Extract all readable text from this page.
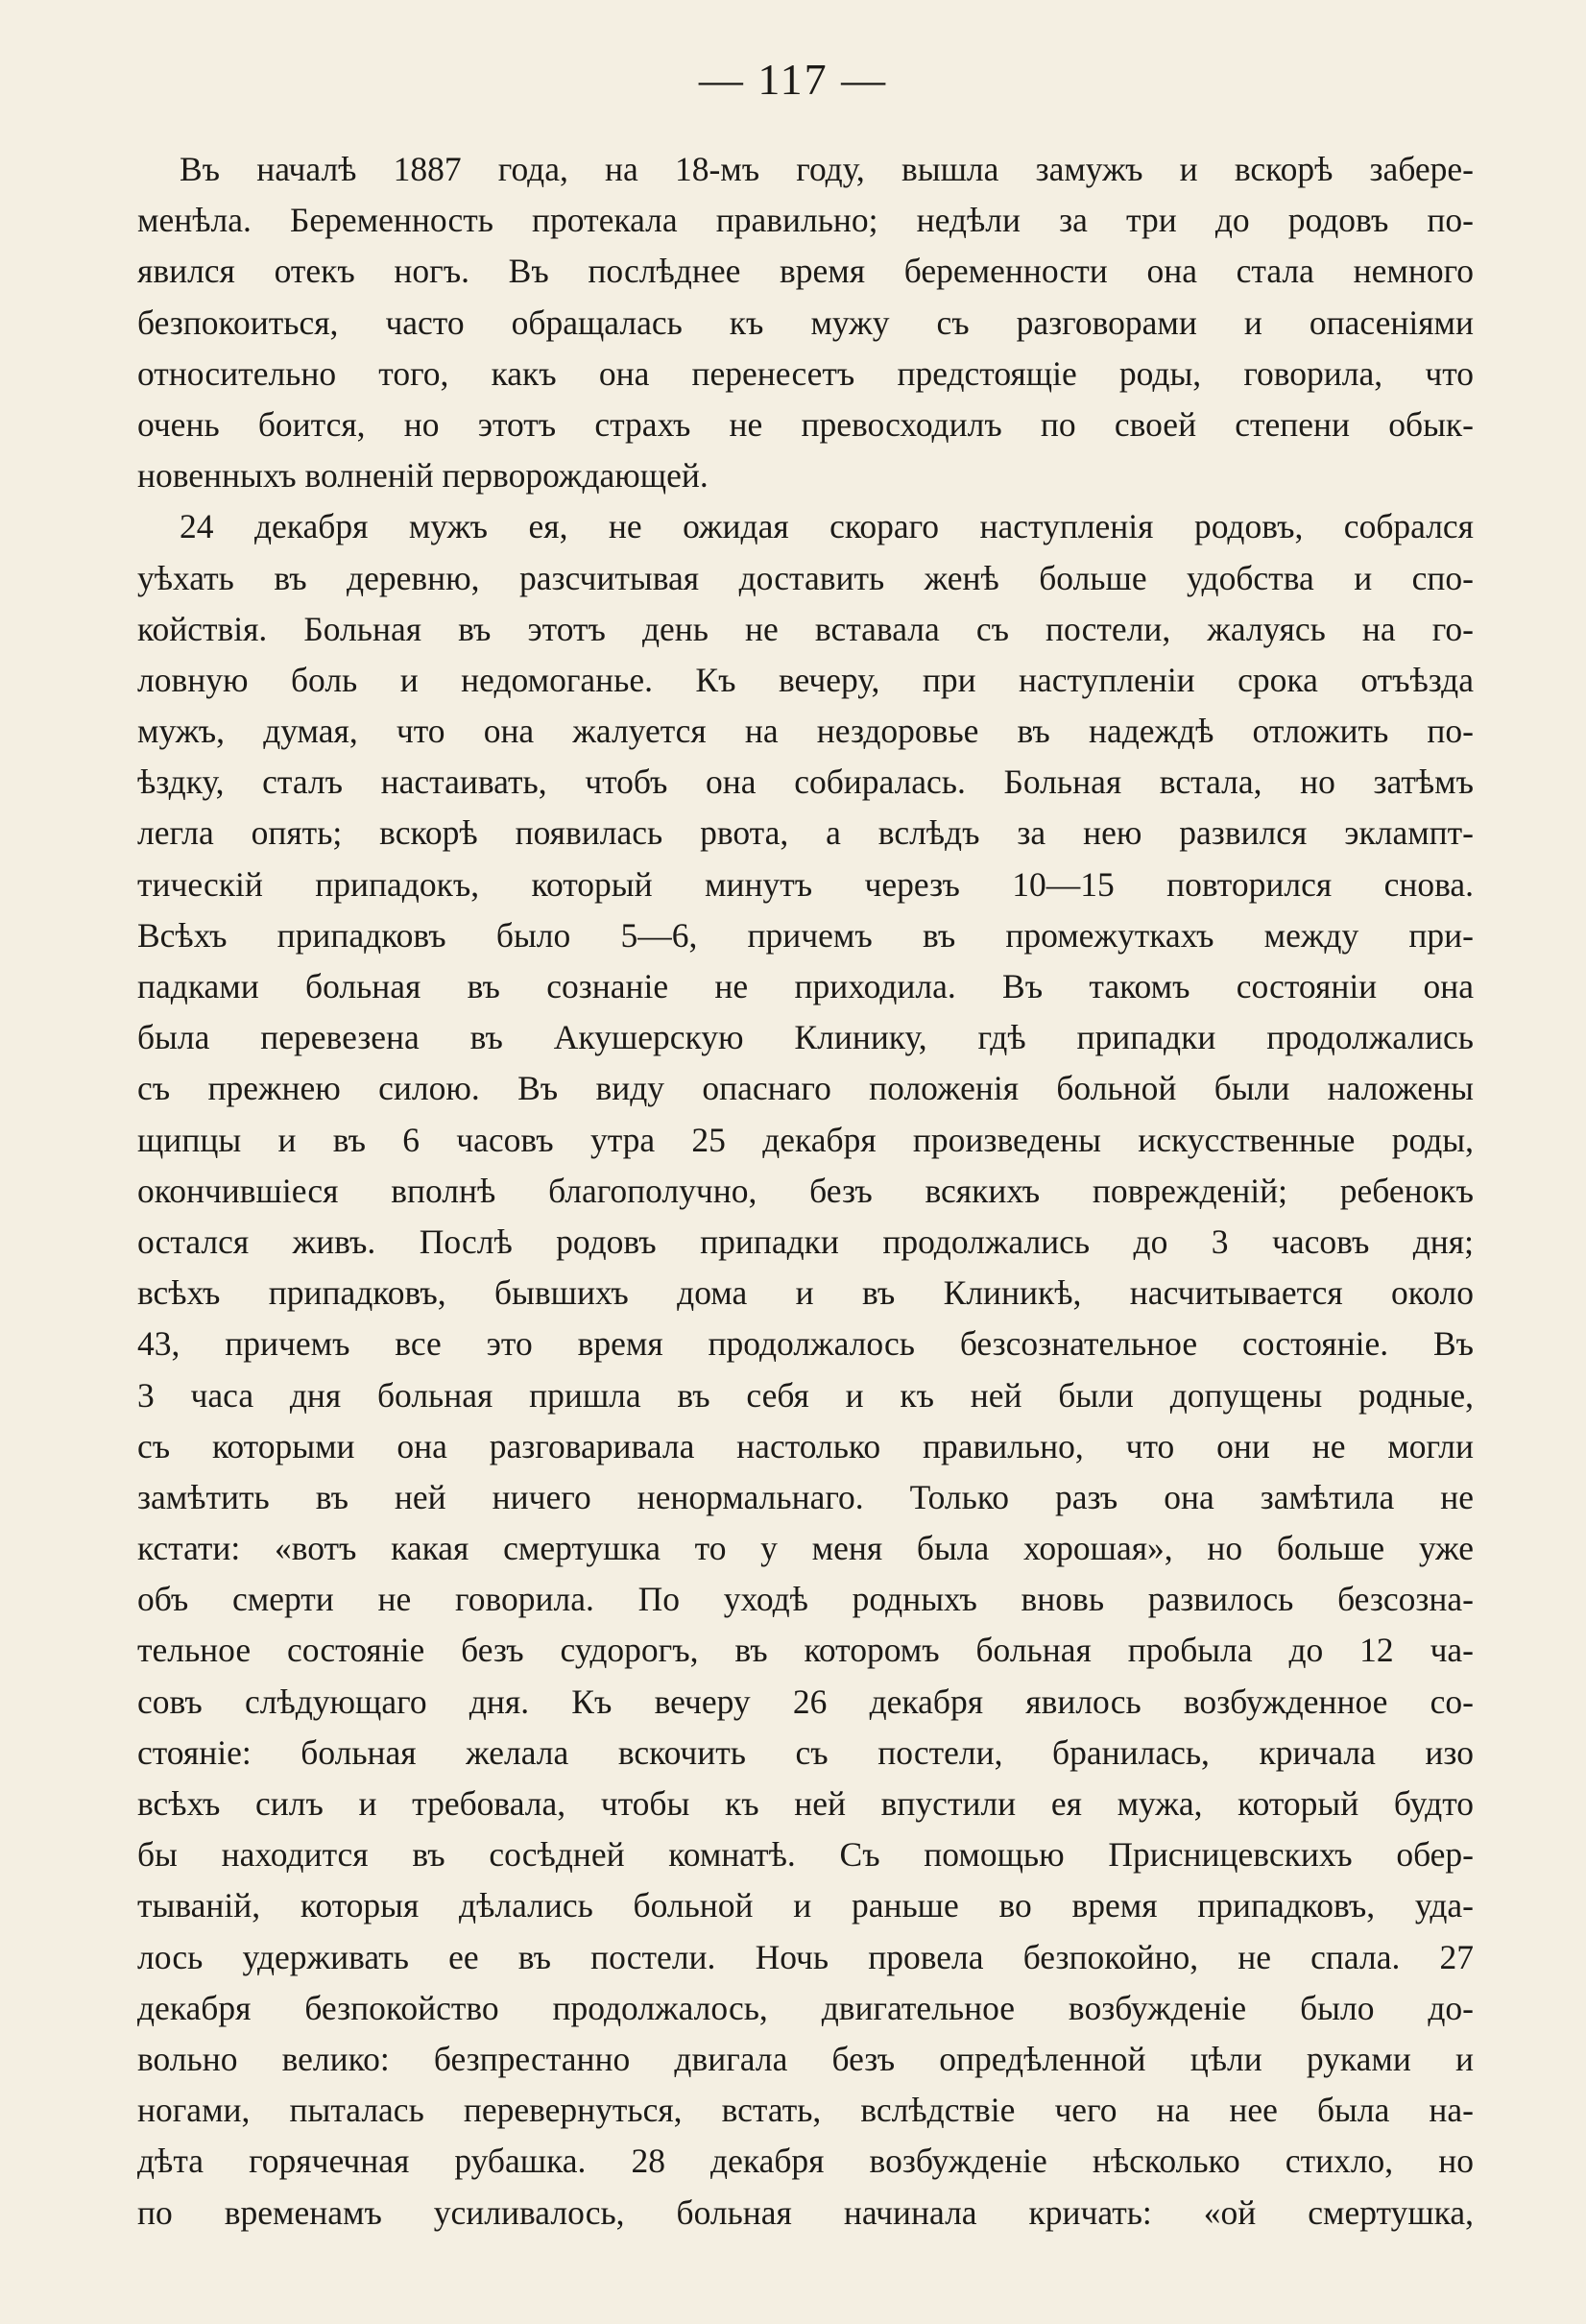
— 117 —
Въ началѣ 1887 года, на 18-мъ году, вышла замужъ и вскорѣ забере-
менѣла. Беременность протекала правильно; недѣли за три до родовъ по-
явился отекъ ногъ. Въ послѣднее время беременности она стала немного
безпокоиться, часто обращалась къ мужу съ разговорами и опасеніями
относительно того, какъ она перенесетъ предстоящіе роды, говорила, что
очень боится, но этотъ страхъ не превосходилъ по своей степени обык-
новенныхъ волненій перворождающей.
24 декабря мужъ ея, не ожидая скораго наступленія родовъ, собрался
уѣхать въ деревню, разсчитывая доставить женѣ больше удобства и спо-
койствія. Больная въ этотъ день не вставала съ постели, жалуясь на го-
ловную боль и недомоганье. Къ вечеру, при наступленіи срока отъѣзда
мужъ, думая, что она жалуется на нездоровье въ надеждѣ отложить по-
ѣздку, сталъ настаивать, чтобъ она собиралась. Больная встала, но затѣмъ
легла опять; вскорѣ появилась рвота, а вслѣдъ за нею развился эклампт-
тическій припадокъ, который минутъ черезъ 10—15 повторился снова.
Всѣхъ припадковъ было 5—6, причемъ въ промежуткахъ между при-
падками больная въ сознаніе не приходила. Въ такомъ состояніи она
была перевезена въ Акушерскую Клинику, гдѣ припадки продолжались
съ прежнею силою. Въ виду опаснаго положенія больной были наложены
щипцы и въ 6 часовъ утра 25 декабря произведены искусственные роды,
окончившіеся вполнѣ благополучно, безъ всякихъ поврежденій; ребенокъ
остался живъ. Послѣ родовъ припадки продолжались до 3 часовъ дня;
всѣхъ припадковъ, бывшихъ дома и въ Клиникѣ, насчитывается около
43, причемъ все это время продолжалось безсознательное состояніе. Въ
3 часа дня больная пришла въ себя и къ ней были допущены родные,
съ которыми она разговаривала настолько правильно, что они не могли
замѣтить въ ней ничего ненормальнаго. Только разъ она замѣтила не
кстати: «вотъ какая смертушка то у меня была хорошая», но больше уже
объ смерти не говорила. По уходѣ родныхъ вновь развилось безсозна-
тельное состояніе безъ судорогъ, въ которомъ больная пробыла до 12 ча-
совъ слѣдующаго дня. Къ вечеру 26 декабря явилось возбужденное со-
стояніе: больная желала вскочить съ постели, бранилась, кричала изо
всѣхъ силъ и требовала, чтобы къ ней впустили ея мужа, который будто
бы находится въ сосѣдней комнатѣ. Съ помощью Присницевскихъ обер-
тываній, которыя дѣлались больной и раньше во время припадковъ, уда-
лось удерживать ее въ постели. Ночь провела безпокойно, не спала. 27
декабря безпокойство продолжалось, двигательное возбужденіе было до-
вольно велико: безпрестанно двигала безъ опредѣленной цѣли руками и
ногами, пыталась перевернуться, встать, вслѣдствіе чего на нее была на-
дѣта горячечная рубашка. 28 декабря возбужденіе нѣсколько стихло, но
по временамъ усиливалось, больная начинала кричать: «ой смертушка,
